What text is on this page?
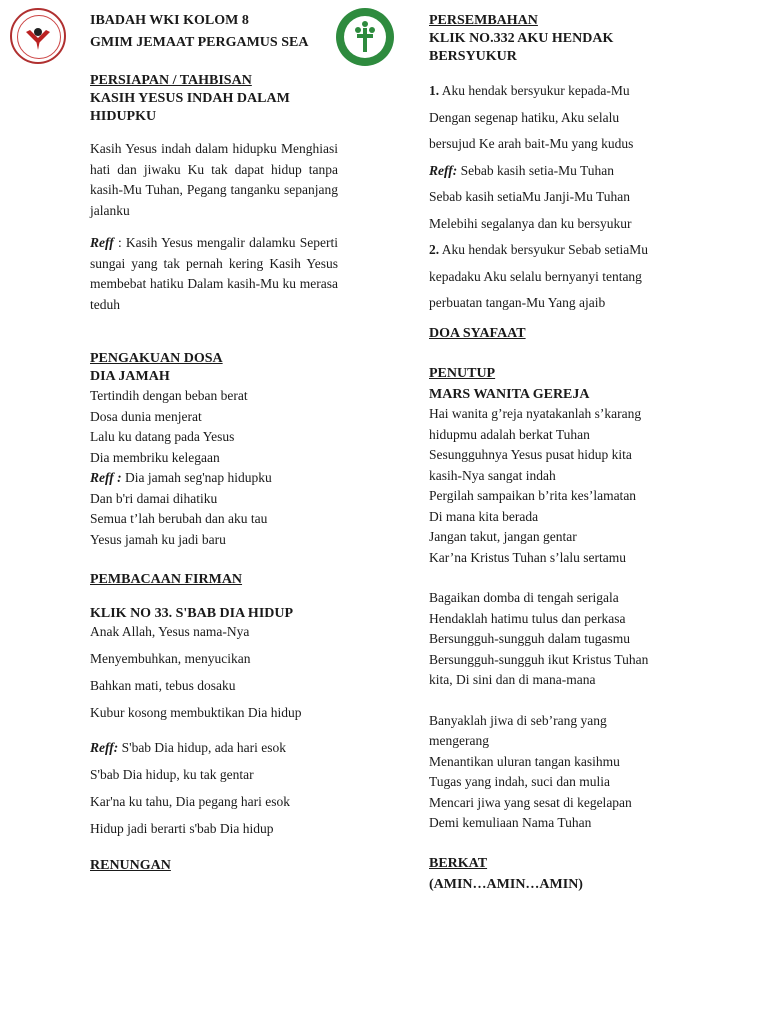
IBADAH WKI KOLOM 8

GMIM JEMAAT PERGAMUS SEA

PERSIAPAN / TAHBISAN

KASIH YESUS INDAH DALAM HIDUPKU

Kasih Yesus indah dalam hidupku Menghiasi hati dan jiwaku Ku tak dapat hidup tanpa kasih-Mu Tuhan, Pegang tanganku sepanjang jalanku

Reff : Kasih Yesus mengalir dalamku Seperti sungai yang tak pernah kering Kasih Yesus membebat hatiku Dalam kasih-Mu ku merasa teduh

PENGAKUAN DOSA

DIA JAMAH

Tertindih dengan beban berat
Dosa dunia menjerat
Lalu ku datang pada Yesus
Dia membriku kelegaan
Reff : Dia jamah seg'nap hidupku
Dan b'ri damai dihatiku
Semua t’lah berubah dan aku tau
Yesus jamah ku jadi baru

PEMBACAAN FIRMAN

KLIK NO 33. S'BAB DIA HIDUP

Anak Allah, Yesus nama-Nya
Menyembuhkan, menyucikan
Bahkan mati, tebus dosaku
Kubur kosong membuktikan Dia hidup
Reff: S'bab Dia hidup, ada hari esok
S'bab Dia hidup, ku tak gentar
Kar'na ku tahu, Dia pegang hari esok
Hidup jadi berarti s'bab Dia hidup

RENUNGAN

PERSEMBAHAN

KLIK NO.332 AKU HENDAK BERSYUKUR

1. Aku hendak bersyukur kepada-Mu
Dengan segenap hatiku, Aku selalu
bersujud Ke arah bait-Mu yang kudus
Reff: Sebab kasih setia-Mu Tuhan
Sebab kasih setiaMu Janji-Mu Tuhan
Melebihi segalanya dan ku bersyukur
2. Aku hendak bersyukur Sebab setiaMu
kepadaku Aku selalu bernyanyi tentang
perbuatan tangan-Mu Yang ajaib

DOA SYAFAAT

PENUTUP

MARS WANITA GEREJA

Hai wanita g’reja nyatakanlah s’karang
hidupmu adalah berkat Tuhan
Sesungguhnya Yesus pusat hidup kita
kasih-Nya sangat indah
Pergilah sampaikan b’rita kes’lamatan
Di mana kita berada
Jangan takut, jangan gentar
Kar’na Kristus Tuhan s’lalu sertamu
Bagaikan domba di tengah serigala
Hendaklah hatimu tulus dan perkasa
Bersungguh-sungguh dalam tugasmu
Bersungguh-sungguh ikut Kristus Tuhan
kita, Di sini dan di mana-mana
Banyaklah jiwa di seb’rang yang
mengerang
Menantikan uluran tangan kasihmu
Tugas yang indah, suci dan mulia
Mencari jiwa yang sesat di kegelapan
Demi kemuliaan Nama Tuhan

BERKAT

(AMIN…AMIN…AMIN)
